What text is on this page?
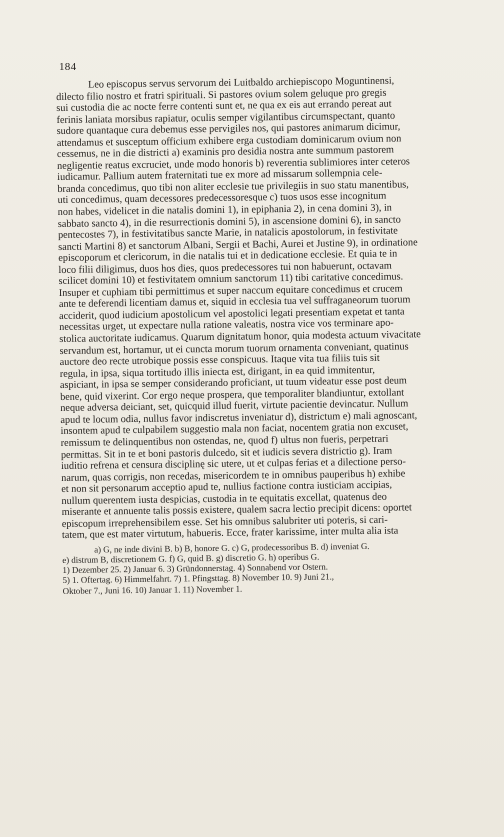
184
Leo episcopus servus servorum dei Luitbaldo archiepiscopo Moguntinensi,
dilecto filio nostro et fratri spirituali. Si pastores ovium solem geluque pro gregis
sui custodia die ac nocte ferre contenti sunt et, ne qua ex eis aut errando pereat aut
ferinis laniata morsibus rapiatur, oculis semper vigilantibus circumspectant, quanto
sudore quantaque cura debemus esse pervigiles nos, qui pastores animarum dicimur,
attendamus et susceptum officium exhibere erga custodiam dominicarum ovium non
cessemus, ne in die districti a) examinis pro desidia nostra ante summum pastorem
negligentie reatus excruciet, unde modo honoris b) reverentia sublimiores inter ceteros
iudicamur. Pallium autem fraternitati tue ex more ad missarum sollempnia cele-
branda concedimus, quo tibi non aliter ecclesie tue privilegiis in suo statu manentibus,
uti concedimus, quam decessores predecessoresque c) tuos usos esse incognitum
non habes, videlicet in die natalis domini 1), in epiphania 2), in cena domini 3), in
sabbato sancto 4), in die resurrectionis domini 5), in ascensione domini 6), in sancto
pentecostes 7), in festivitatibus sancte Marie, in natalicis apostolorum, in festivitate
sancti Martini 8) et sanctorum Albani, Sergii et Bachi, Aurei et Justine 9), in ordinatione
episcoporum et clericorum, in die natalis tui et in dedicatione ecclesie. Et quia te in
loco filii diligimus, duos hos dies, quos predecessores tui non habuerunt, octavam
scilicet domini 10) et festivitatem omnium sanctorum 11) tibi caritative concedimus.
Insuper et cuphiam tibi permittimus et super naccum equitare concedimus et crucem
ante te deferendi licentiam damus et, siquid in ecclesia tua vel suffraganeorum tuorum
acciderit, quod iudicium apostolicum vel apostolici legati presentiam expetat et tanta
necessitas urget, ut expectare nulla ratione valeatis, nostra vice vos terminare apo-
stolica auctoritate iudicamus. Quarum dignitatum honor, quia modesta actuum vivacitate
servandum est, hortamur, ut ei cuncta morum tuorum ornamenta conveniant, quatinus
auctore deo recte utrobique possis esse conspicuus. Itaque vita tua filiis tuis sit
regula, in ipsa, siqua tortitudo illis iniecta est, dirigant, in ea quid immitentur,
aspiciant, in ipsa se semper considerando proficiant, ut tuum videatur esse post deum
bene, quid vixerint. Cor ergo neque prospera, que temporaliter blandiuntur, extollant
neque adversa deiciant, set, quicquid illud fuerit, virtute pacientie devincatur. Nullum
apud te locum odia, nullus favor indiscretus inveniatur d), districtum e) mali agnoscant,
insontem apud te culpabilem suggestio mala non faciat, nocentem gratia non excuset,
remissum te delinquentibus non ostendas, ne, quod f) ultus non fueris, perpetrari
permittas. Sit in te et boni pastoris dulcedo, sit et iudicis severa districtio g). Iram
iuditio refrena et censura disciplinę sic utere, ut et culpas ferias et a dilectione perso-
narum, quas corrigis, non recedas, misericordem te in omnibus pauperibus h) exhibe
et non sit personarum acceptio apud te, nullius factione contra iusticiam accipias,
nullum querentem iusta despicias, custodia in te equitatis excellat, quatenus deo
miserante et annuente talis possis existere, qualem sacra lectio precipit dicens: oportet
episcopum irreprehensibilem esse. Set his omnibus salubriter uti poteris, si cari-
tatem, que est mater virtutum, habueris. Ecce, frater karissime, inter multa alia ista
a) G, ne inde divini B. b) B, honore G. c) G, prodecessoribus B. d) inveniat G.
e) distrum B, discretionem G. f) G, quid B. g) discretio G. h) operibus G.
1) Dezember 25. 2) Januar 6. 3) Gründonnerstag. 4) Sonnabend vor Ostern.
5) 1. Oftertag. 6) Himmelfahrt. 7) 1. Pfingsttag. 8) November 10. 9) Juni 21.,
Oktober 7., Juni 16. 10) Januar 1. 11) November 1.
